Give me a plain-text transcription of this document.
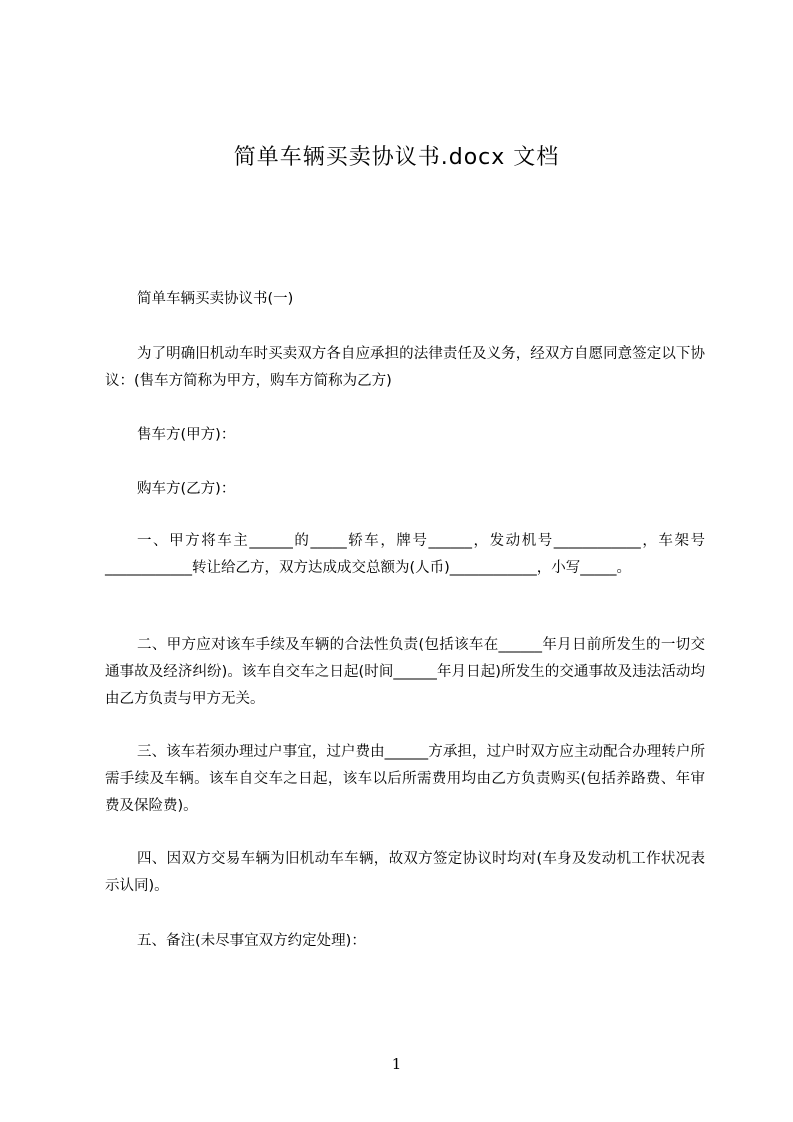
简单车辆买卖协议书.docx 文档
简单车辆买卖协议书(一)
为了明确旧机动车时买卖双方各自应承担的法律责任及义务，经双方自愿同意签定以下协议：(售车方简称为甲方，购车方简称为乙方)
售车方(甲方)：
购车方(乙方)：
一、甲方将车主______的_____轿车，牌号______，发动机号____________，车架号____________转让给乙方，双方达成成交总额为(人币)____________，小写_____。
二、甲方应对该车手续及车辆的合法性负责(包括该车在______年月日前所发生的一切交通事故及经济纠纷)。该车自交车之日起(时间______年月日起)所发生的交通事故及违法活动均由乙方负责与甲方无关。
三、该车若须办理过户事宜，过户费由______方承担，过户时双方应主动配合办理转户所需手续及车辆。该车自交车之日起，该车以后所需费用均由乙方负责购买(包括养路费、年审费及保险费)。
四、因双方交易车辆为旧机动车车辆，故双方签定协议时均对(车身及发动机工作状况表示认同)。
五、备注(未尽事宜双方约定处理)：
1
